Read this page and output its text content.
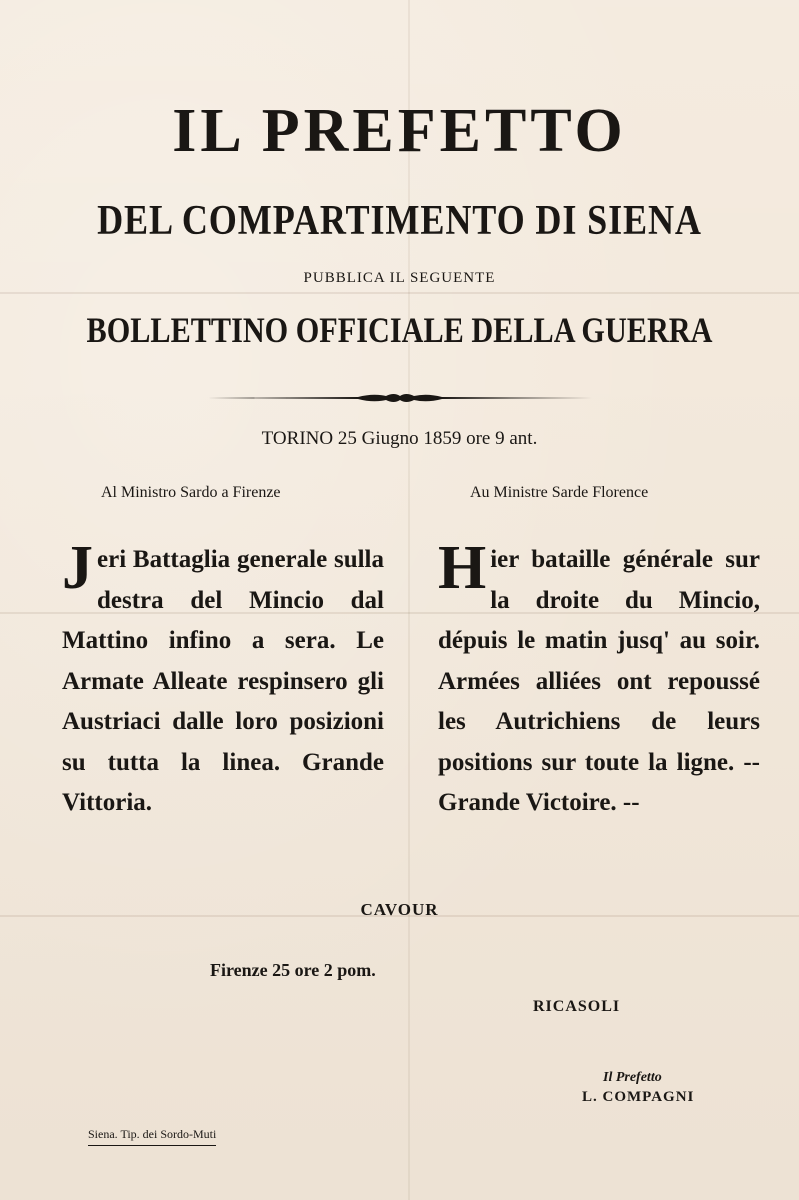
IL PREFETTO
DEL COMPARTIMENTO DI SIENA
PUBBLICA IL SEGUENTE
BOLLETTINO OFFICIALE DELLA GUERRA
TORINO 25 Giugno 1859 ore 9 ant.
Al Ministro Sardo a Firenze	Au Ministre Sarde Florence
J eri Battaglia generale sulla destra del Mincio dal Mattino infino a sera. Le Armate Alleate respinsero gli Austriaci dalle loro posizioni su tutta la linea. Grande Vittoria.

H ier bataille générale sur la droite du Mincio, dépuis le matin jusq' au soir. Armées alliées ont repoussé les Autrichiens de leurs positions sur toute la ligne. -- Grande Victoire. --

CAVOUR
Firenze 25 ore 2 pom.
RICASOLI
Il Prefetto
L. COMPAGNI
Siena. Tip. dei Sordo-Muti
